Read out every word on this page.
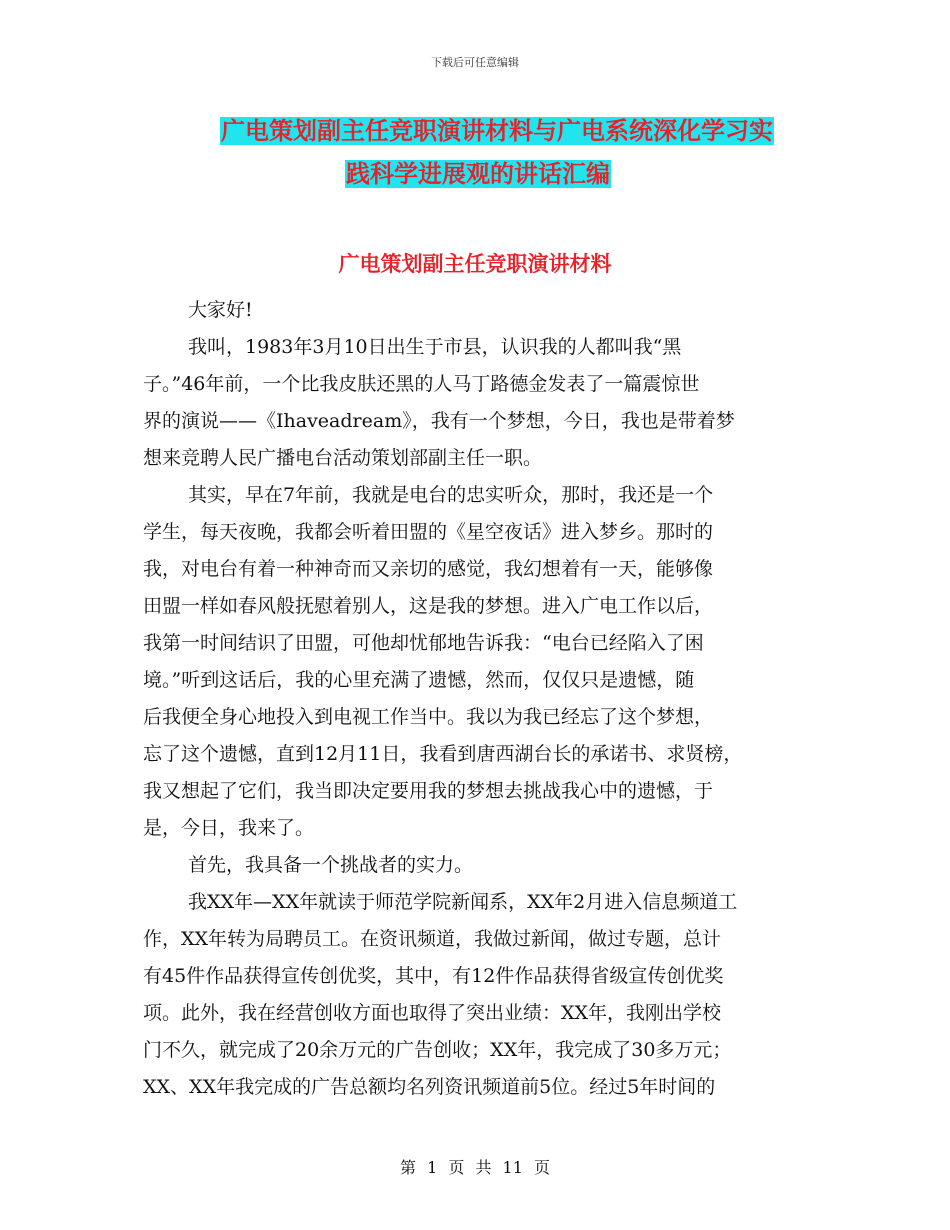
下载后可任意编辑
广电策划副主任竞职演讲材料与广电系统深化学习实
践科学进展观的讲话汇编
广电策划副主任竞职演讲材料
大家好!
我叫，1983年3月10日出生于市县，认识我的人都叫我“黑
子。”46年前，一个比我皮肤还黑的人马丁路德金发表了一篇震惊世
界的演说——《Ihaveadream》，我有一个梦想，今日，我也是带着梦
想来竞聘人民广播电台活动策划部副主任一职。
其实，早在7年前，我就是电台的忠实听众，那时，我还是一个
学生，每天夜晚，我都会听着田盟的《星空夜话》进入梦乡。那时的
我，对电台有着一种神奇而又亲切的感觉，我幻想着有一天，能够像
田盟一样如春风般抚慰着别人，这是我的梦想。进入广电工作以后，
我第一时间结识了田盟，可他却忧郁地告诉我：“电台已经陷入了困
境。”听到这话后，我的心里充满了遗憾，然而，仅仅只是遗憾，随
后我便全身心地投入到电视工作当中。我以为我已经忘了这个梦想，
忘了这个遗憾，直到12月11日，我看到唐西湖台长的承诺书、求贤榜，
我又想起了它们，我当即决定要用我的梦想去挑战我心中的遗憾，于
是，今日，我来了。
首先，我具备一个挑战者的实力。
我XX年—XX年就读于师范学院新闻系，XX年2月进入信息频道工
作，XX年转为局聘员工。在资讯频道，我做过新闻，做过专题，总计
有45件作品获得宣传创优奖，其中，有12件作品获得省级宣传创优奖
项。此外，我在经营创收方面也取得了突出业绩：XX年，我刚出学校
门不久，就完成了20余万元的广告创收；XX年，我完成了30多万元；
XX、XX年我完成的广告总额均名列资讯频道前5位。经过5年时间的
第 1 页 共 11 页
